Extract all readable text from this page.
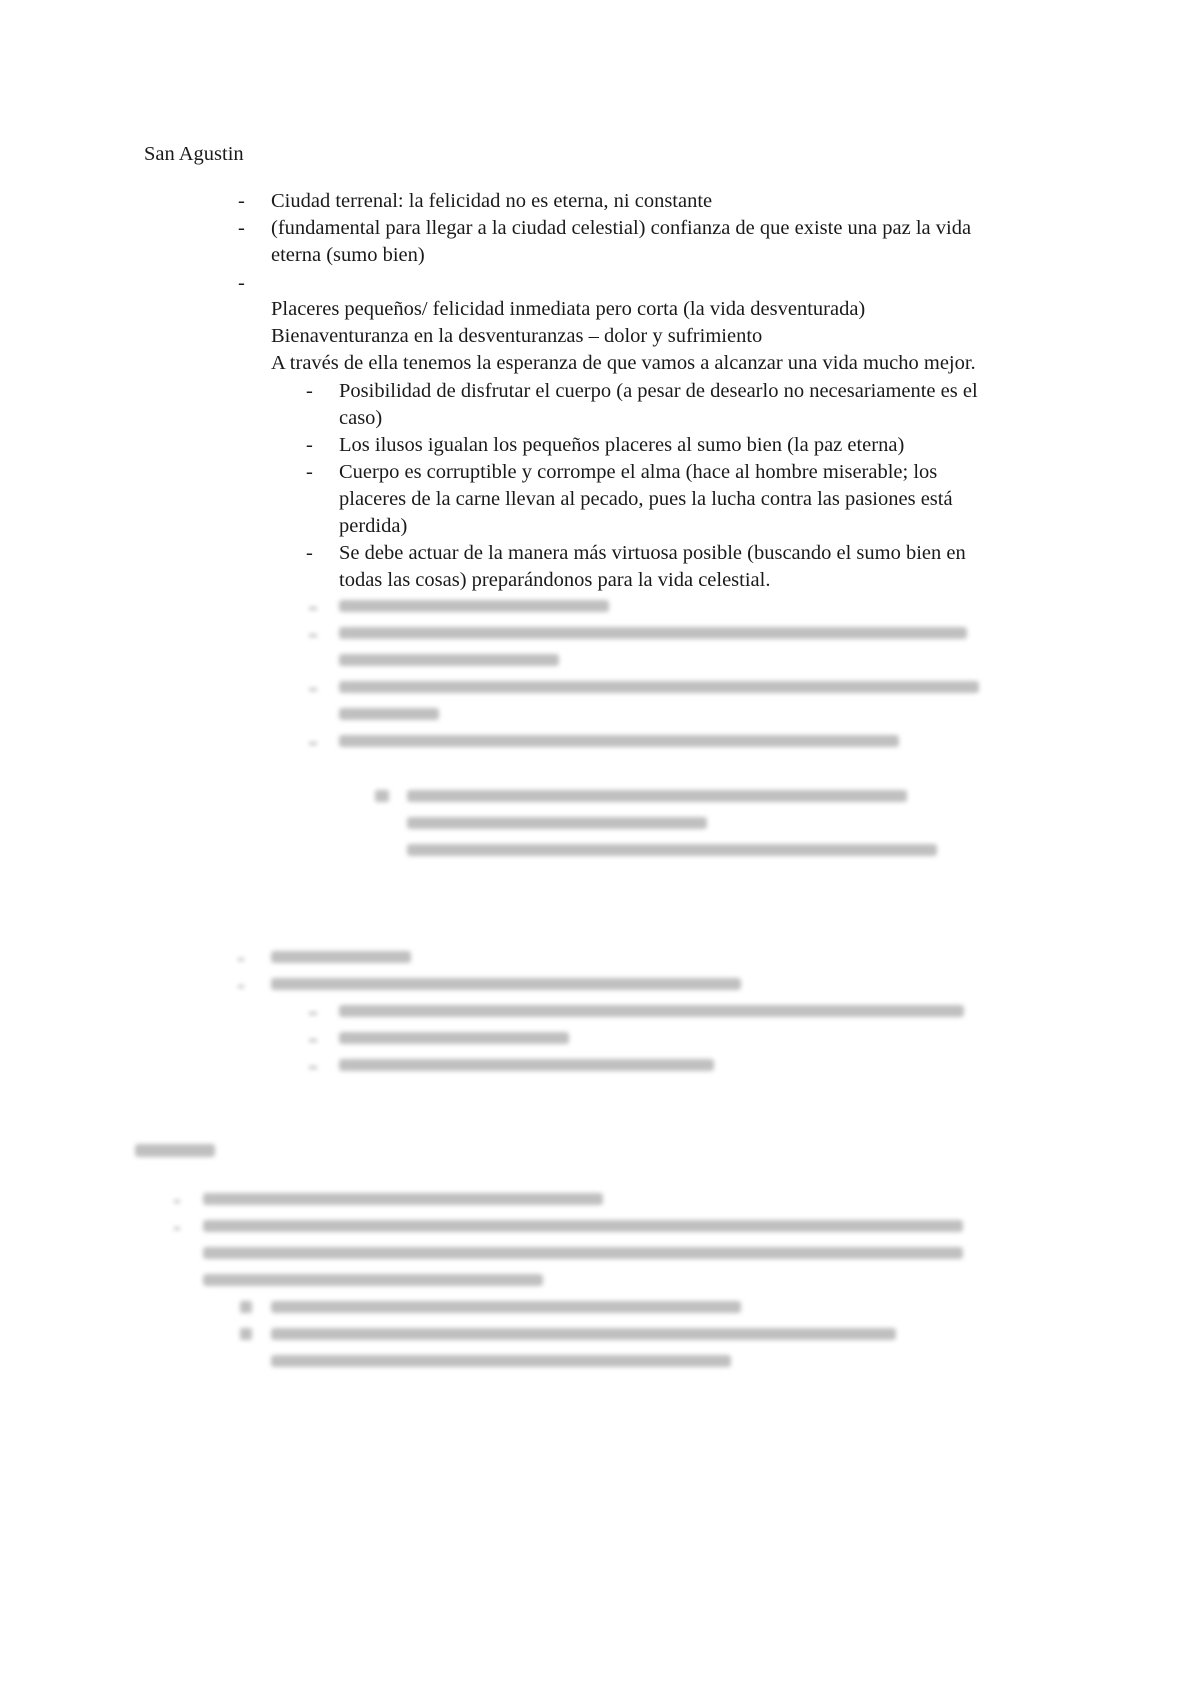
San Agustin
- Ciudad terrenal: la felicidad no es eterna, ni constante
- (fundamental para llegar a la ciudad celestial) confianza de que existe una paz la vida
eterna (sumo bien)
-
Placeres pequeños/ felicidad inmediata pero corta (la vida desventurada)
Bienaventuranza en la desventuranzas – dolor y sufrimiento
A través de ella tenemos la esperanza de que vamos a alcanzar una vida mucho mejor.
- Posibilidad de disfrutar el cuerpo (a pesar de desearlo no necesariamente es el
caso)
- Los ilusos igualan los pequeños placeres al sumo bien (la paz eterna)
- Cuerpo es corruptible y corrompe el alma (hace al hombre miserable; los
placeres de la carne llevan al pecado, pues la lucha contra las pasiones está
perdida)
- Se debe actuar de la manera más virtuosa posible (buscando el sumo bien en
todas las cosas) preparándonos para la vida celestial.
